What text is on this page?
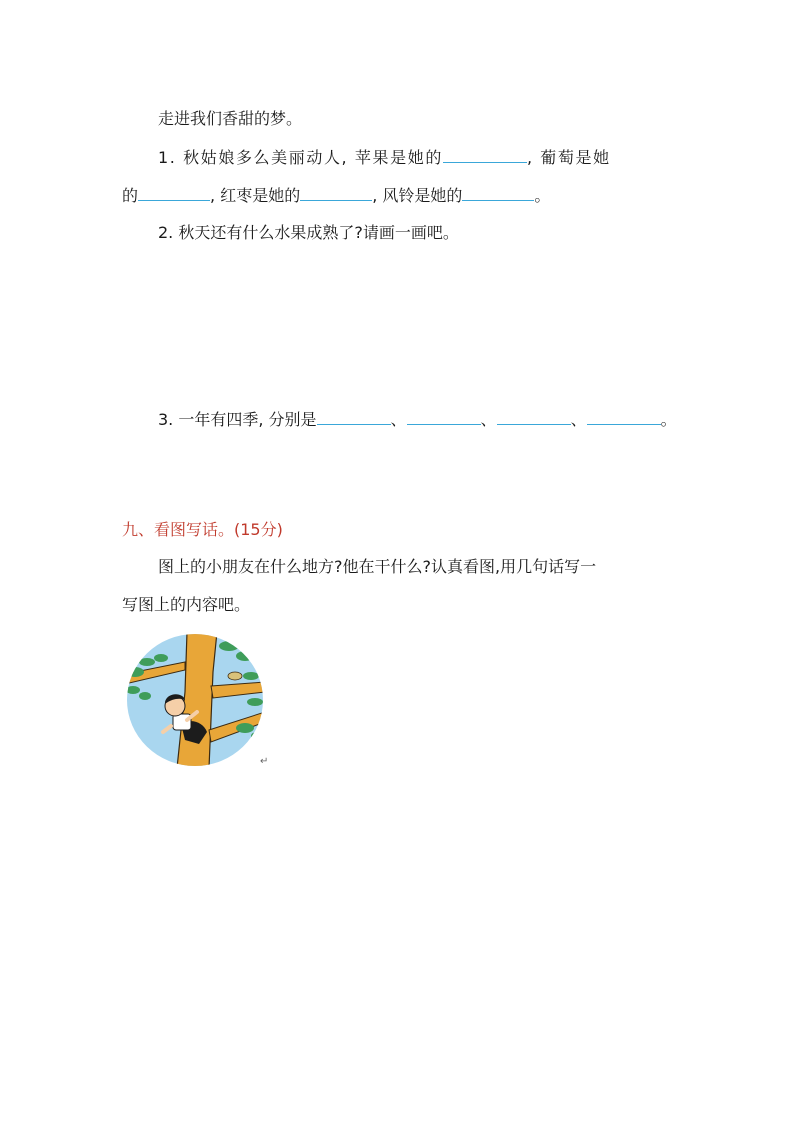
走进我们香甜的梦。
1. 秋姑娘多么美丽动人, 苹果是她的	, 葡萄是她
的	, 红枣是她的	, 风铃是她的	。
2. 秋天还有什么水果成熟了?请画一画吧。
3. 一年有四季, 分别是	、	、	、	。
九、看图写话。(15分)
图上的小朋友在什么地方?他在干什么?认真看图,用几句话写一
写图上的内容吧。
↵
